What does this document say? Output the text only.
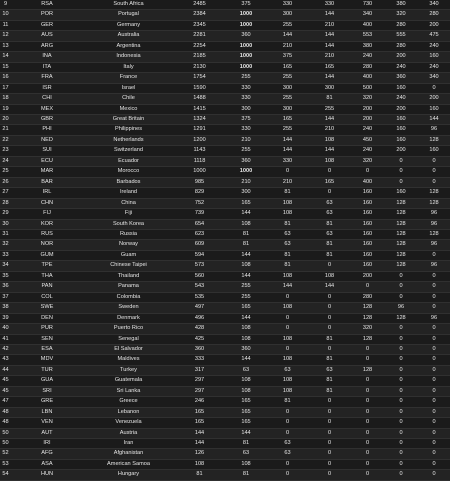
9	RSA	South Africa	2485	375	330	330	730	380	340
10	POR	Portugal	2384	1000	300	144	340	320	280
11	GER	Germany	2345	1000	255	210	400	280	200
12	AUS	Australia	2281	360	144	144	553	555	475
13	ARG	Argentina	2254	1000	210	144	380	280	240
14	INA	Indonesia	2185	1000	375	210	240	200	160
15	ITA	Italy	2130	1000	165	165	280	240	240
16	FRA	France	1754	255	255	144	400	360	340
17	ISR	Israel	1590	330	300	300	500	160	0
18	CHI	Chile	1488	330	255	81	320	240	200
19	MEX	Mexico	1415	300	300	255	200	200	160
20	GBR	Great Britain	1324	375	165	144	200	160	144
21	PHI	Philippines	1291	330	255	210	240	160	96
22	NED	Netherlands	1200	210	144	108	450	160	128
23	SUI	Switzerland	1143	255	144	144	240	200	160
24	ECU	Ecuador	1118	360	330	108	320	0	0
25	MAR	Morocco	1000	1000	0	0	0	0	0
26	BAR	Barbados	985	210	210	165	400	0	0
27	IRL	Ireland	829	300	81	0	160	160	128
28	CHN	China	752	165	108	63	160	128	128
29	FIJ	Fiji	739	144	108	63	160	128	96
30	KOR	South Korea	654	108	81	81	160	128	96
31	RUS	Russia	623	81	63	63	160	128	128
32	NOR	Norway	609	81	63	81	160	128	96
33	GUM	Guam	594	144	81	81	160	128	0
34	TPE	Chinese Taipei	573	108	81	0	160	128	96
35	THA	Thailand	560	144	108	108	200	0	0
36	PAN	Panama	543	255	144	144	0	0	0
37	COL	Colombia	535	255	0	0	280	0	0
38	SWE	Sweden	497	165	108	0	128	96	0
39	DEN	Denmark	496	144	0	0	128	128	96
40	PUR	Puerto Rico	428	108	0	0	320	0	0
41	SEN	Senegal	425	108	108	81	128	0	0
42	ESA	El Salvador	360	360	0	0	0	0	0
43	MDV	Maldives	333	144	108	81	0	0	0
44	TUR	Turkey	317	63	63	63	128	0	0
45	GUA	Guatemala	297	108	108	81	0	0	0
45	SRI	Sri Lanka	297	108	108	81	0	0	0
47	GRE	Greece	246	165	81	0	0	0	0
48	LBN	Lebanon	165	165	0	0	0	0	0
48	VEN	Venezuela	165	165	0	0	0	0	0
50	AUT	Austria	144	144	0	0	0	0	0
50	IRI	Iran	144	81	63	0	0	0	0
52	AFG	Afghanistan	126	63	63	0	0	0	0
53	ASA	American Samoa	108	108	0	0	0	0	0
54	HUN	Hungary	81	81	0	0	0	0	0
